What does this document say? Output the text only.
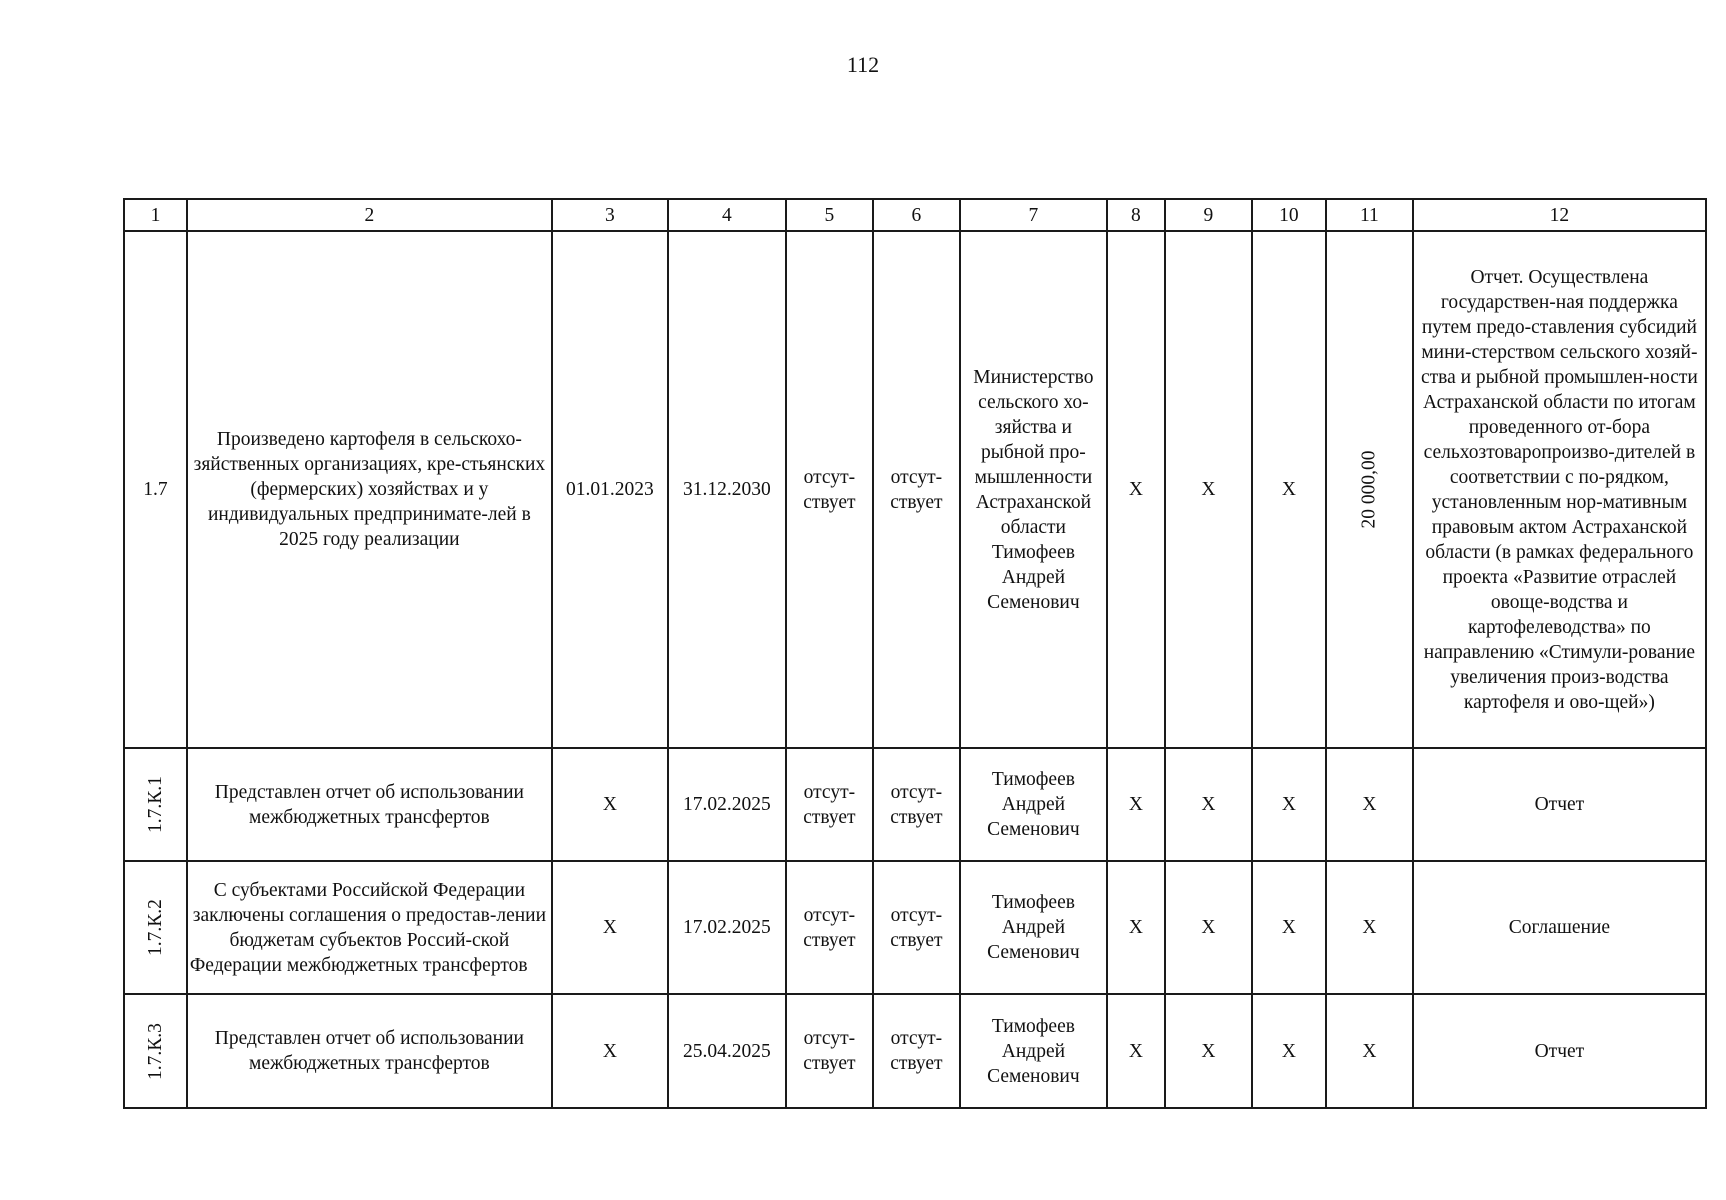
112
1	2	3	4	5	6	7	8	9	10	11	12
1.7	Произведено картофеля в сельскохо-зяйственных организациях, кре-стьянских (фермерских) хозяйствах и у индивидуальных предпринимате-лей в 2025 году реализации	01.01.2023	31.12.2030	отсут-ствует	отсут-ствует	Министерство сельского хо-зяйства и рыбной про-мышленности Астраханской области Тимофеев Андрей Семенович	X	X	X	20 000,00	Отчет. Осуществлена государствен-ная поддержка путем предо-ставления субсидий мини-стерством сельского хозяй-ства и рыбной промышлен-ности Астраханской области по итогам проведенного от-бора сельхозтоваропроизво-дителей в соответствии с по-рядком, установленным нор-мативным правовым актом Астраханской области (в рамках федерального проекта «Развитие отраслей овоще-водства и картофелеводства» по направлению «Стимули-рование увеличения произ-водства картофеля и ово-щей»)
1.7.К.1	Представлен отчет об использовании межбюджетных трансфертов	X	17.02.2025	отсут-ствует	отсут-ствует	Тимофеев Андрей Семенович	X	X	X	X	Отчет
1.7.К.2	С субъектами Российской Федерации заключены соглашения о предостав-лении бюджетам субъектов Россий-ской Федерации межбюджетных трансфертов	X	17.02.2025	отсут-ствует	отсут-ствует	Тимофеев Андрей Семенович	X	X	X	X	Соглашение
1.7.К.3	Представлен отчет об использовании межбюджетных трансфертов	X	25.04.2025	отсут-ствует	отсут-ствует	Тимофеев Андрей Семенович	X	X	X	X	Отчет
